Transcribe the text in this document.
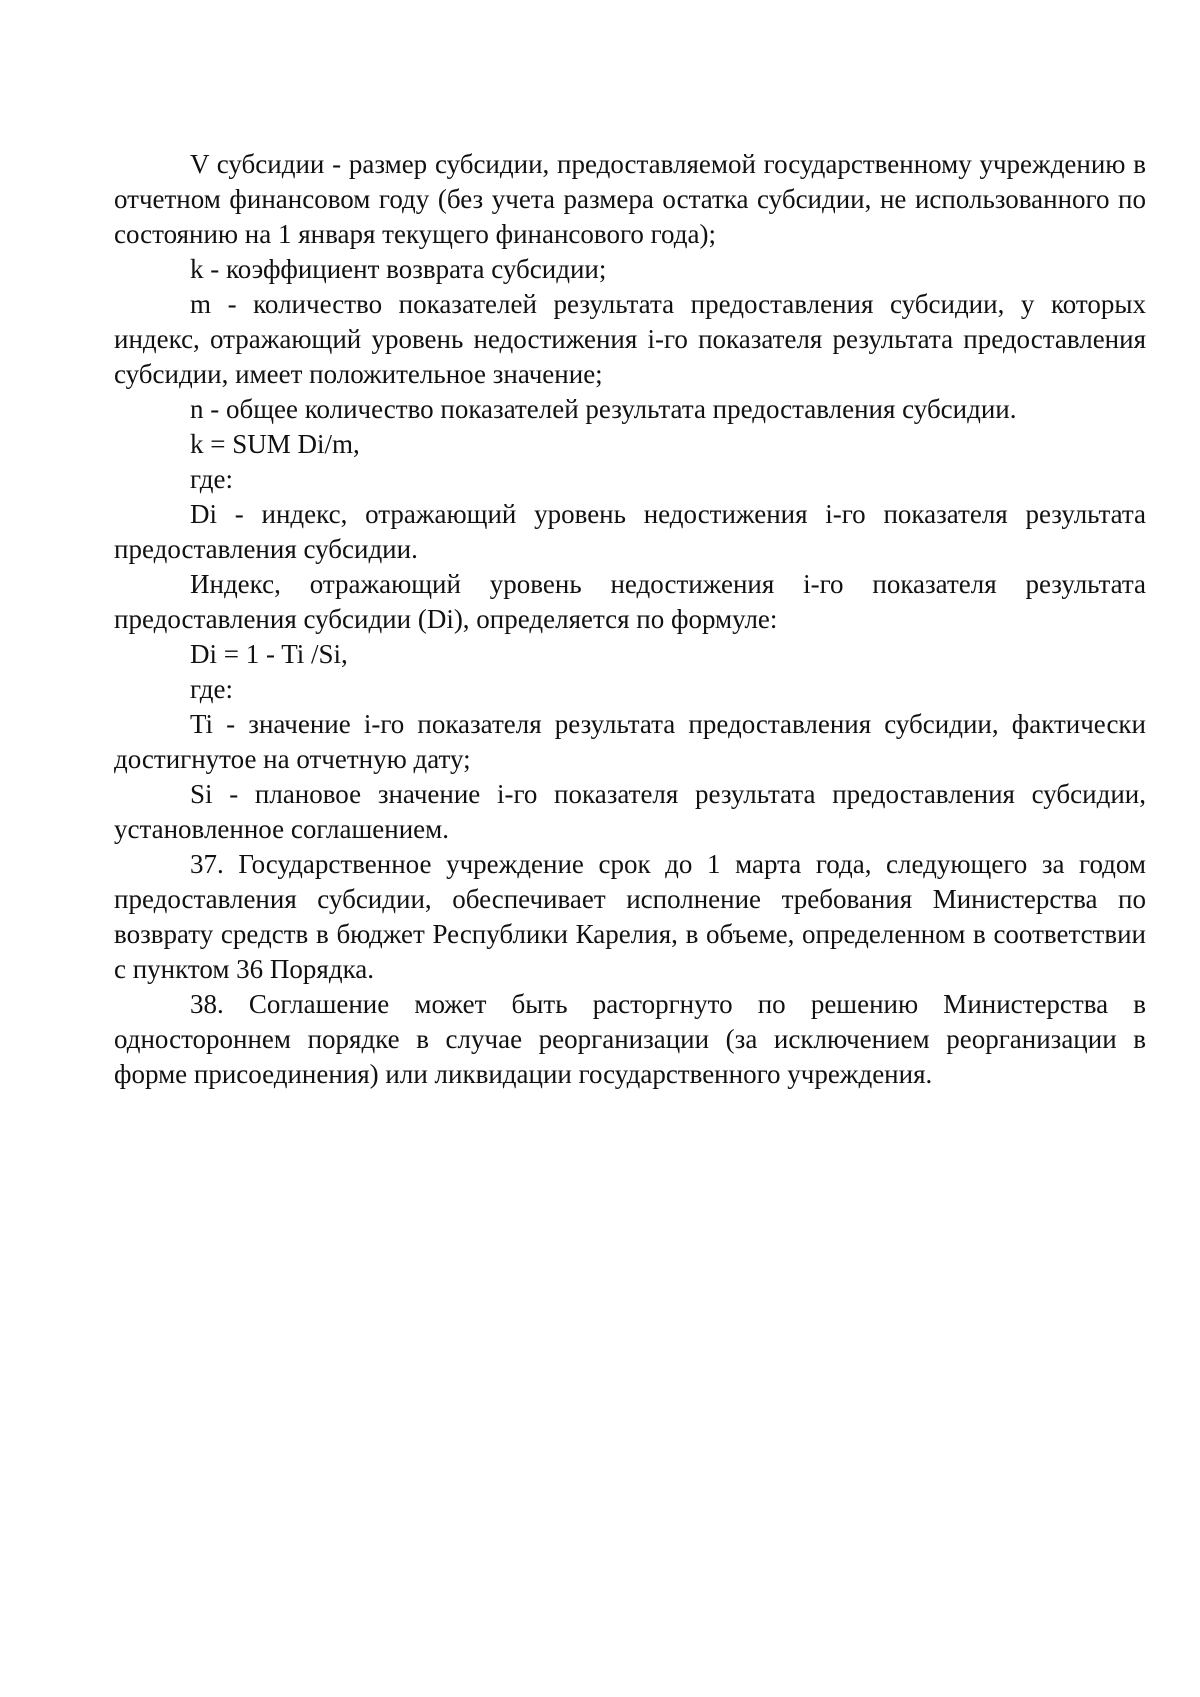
V субсидии - размер субсидии, предоставляемой государственному учреждению в отчетном финансовом году (без учета размера остатка субсидии, не использованного по состоянию на 1 января текущего финансового года);

k - коэффициент возврата субсидии;

m - количество показателей результата предоставления субсидии, у которых индекс, отражающий уровень недостижения i-го показателя результата предоставления субсидии, имеет положительное значение;

n - общее количество показателей результата предоставления субсидии.

k = SUM Di/m,

где:

Di - индекс, отражающий уровень недостижения i-го показателя результата предоставления субсидии.

Индекс, отражающий уровень недостижения i-го показателя результата предоставления субсидии (Di), определяется по формуле:

Di = 1 - Ti /Si,

где:

Ti - значение i-го показателя результата предоставления субсидии, фактически достигнутое на отчетную дату;

Si - плановое значение i-го показателя результата предоставления субсидии, установленное соглашением.

37. Государственное учреждение срок до 1 марта года, следующего за годом предоставления субсидии, обеспечивает исполнение требования Министерства по возврату средств в бюджет Республики Карелия, в объеме, определенном в соответствии с пунктом 36 Порядка.

38. Соглашение может быть расторгнуто по решению Министерства в одностороннем порядке в случае реорганизации (за исключением реорганизации в форме присоединения) или ликвидации государственного учреждения.
